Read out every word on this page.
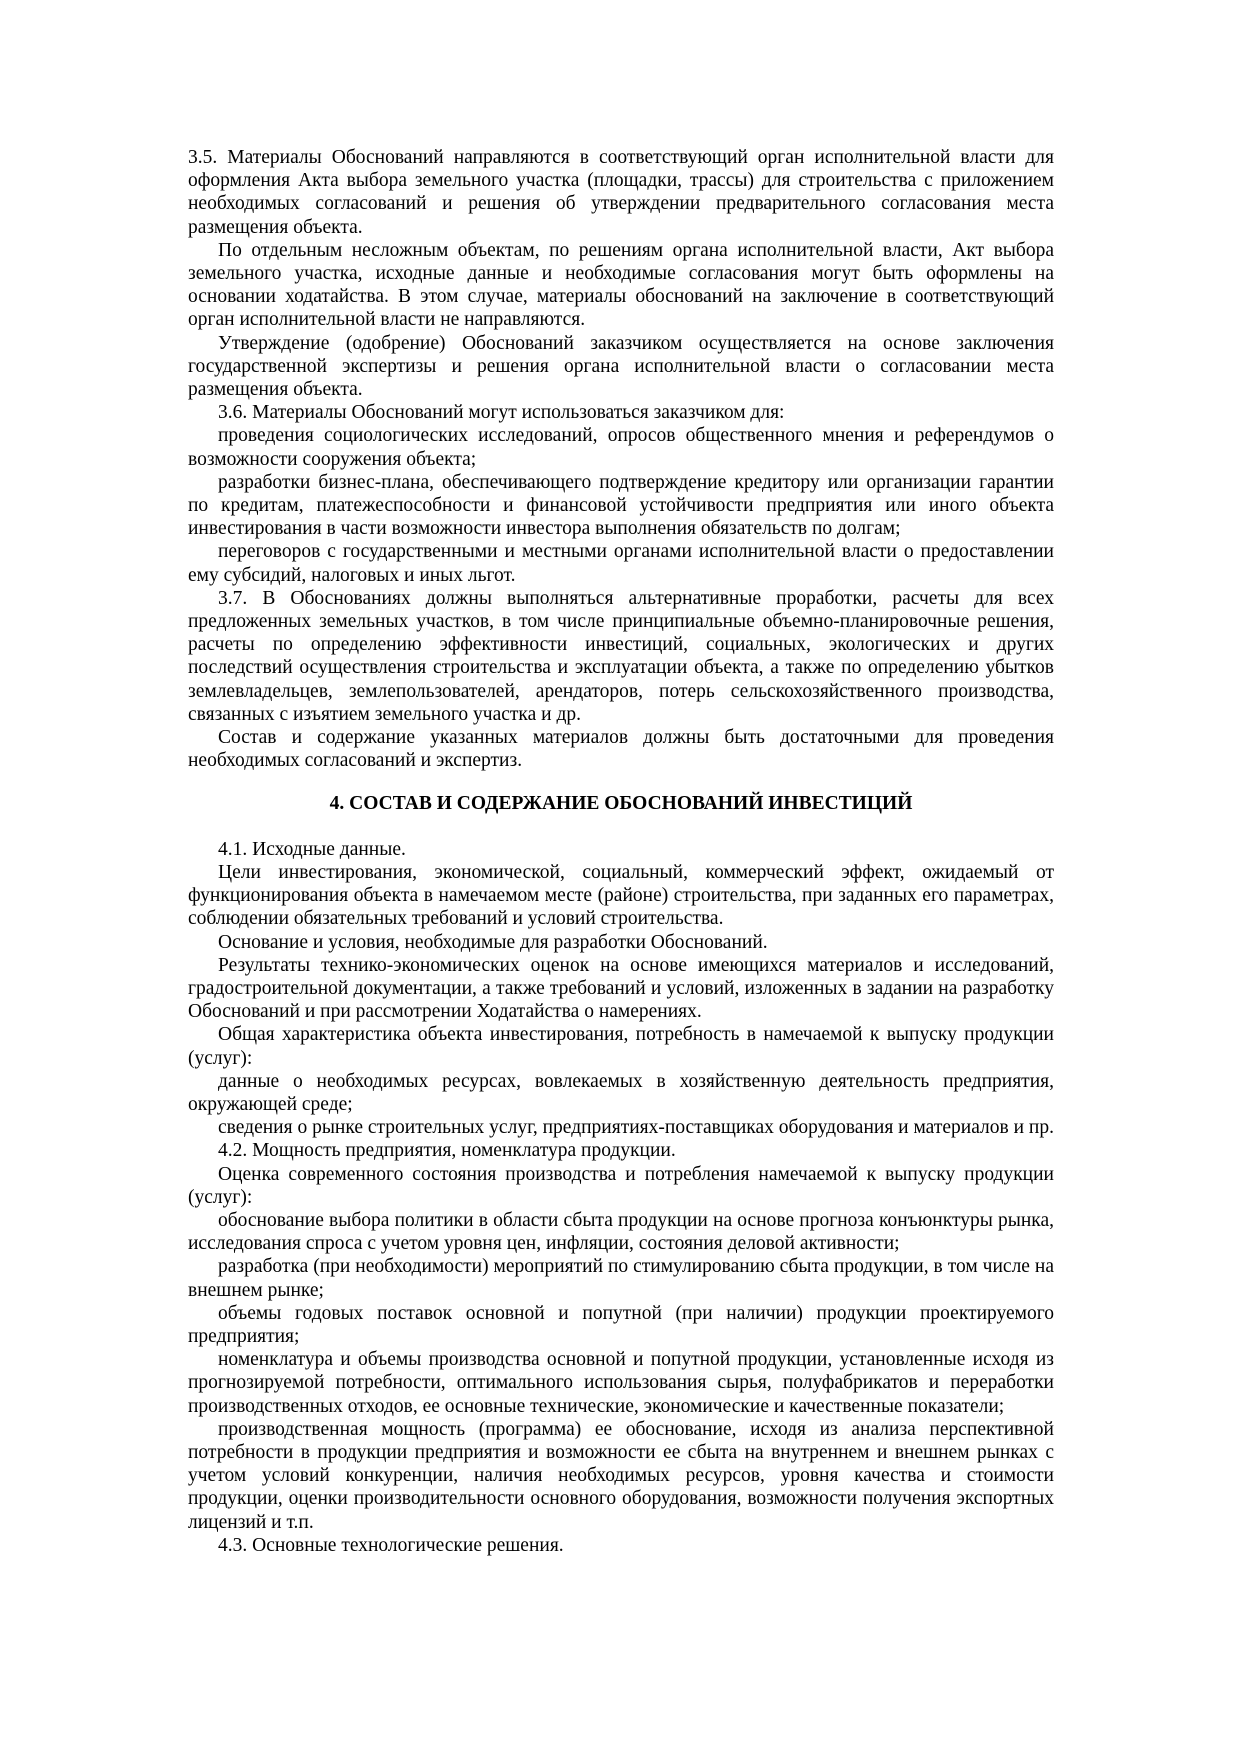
3.5. Материалы Обоснований направляются в соответствующий орган исполнительной власти для оформления Акта выбора земельного участка (площадки, трассы) для строительства с приложением необходимых согласований и решения об утверждении предварительного согласования места размещения объекта.

По отдельным несложным объектам, по решениям органа исполнительной власти, Акт выбора земельного участка, исходные данные и необходимые согласования могут быть оформлены на основании ходатайства. В этом случае, материалы обоснований на заключение в соответствующий орган исполнительной власти не направляются.

Утверждение (одобрение) Обоснований заказчиком осуществляется на основе заключения государственной экспертизы и решения органа исполнительной власти о согласовании места размещения объекта.

3.6. Материалы Обоснований могут использоваться заказчиком для:

проведения социологических исследований, опросов общественного мнения и референдумов о возможности сооружения объекта;

разработки бизнес-плана, обеспечивающего подтверждение кредитору или организации гарантии по кредитам, платежеспособности и финансовой устойчивости предприятия или иного объекта инвестирования в части возможности инвестора выполнения обязательств по долгам;

переговоров с государственными и местными органами исполнительной власти о предоставлении ему субсидий, налоговых и иных льгот.

3.7. В Обоснованиях должны выполняться альтернативные проработки, расчеты для всех предложенных земельных участков, в том числе принципиальные объемно-планировочные решения, расчеты по определению эффективности инвестиций, социальных, экологических и других последствий осуществления строительства и эксплуатации объекта, а также по определению убытков землевладельцев, землепользователей, арендаторов, потерь сельскохозяйственного производства, связанных с изъятием земельного участка и др.

Состав и содержание указанных материалов должны быть достаточными для проведения необходимых согласований и экспертиз.

4. СОСТАВ И СОДЕРЖАНИЕ ОБОСНОВАНИЙ ИНВЕСТИЦИЙ

4.1. Исходные данные.

Цели инвестирования, экономической, социальный, коммерческий эффект, ожидаемый от функционирования объекта в намечаемом месте (районе) строительства, при заданных его параметрах, соблюдении обязательных требований и условий строительства.

Основание и условия, необходимые для разработки Обоснований.

Результаты технико-экономических оценок на основе имеющихся материалов и исследований, градостроительной документации, а также требований и условий, изложенных в задании на разработку Обоснований и при рассмотрении Ходатайства о намерениях.

Общая характеристика объекта инвестирования, потребность в намечаемой к выпуску продукции (услуг):

данные о необходимых ресурсах, вовлекаемых в хозяйственную деятельность предприятия, окружающей среде;

сведения о рынке строительных услуг, предприятиях-поставщиках оборудования и материалов и пр.

4.2. Мощность предприятия, номенклатура продукции.

Оценка современного состояния производства и потребления намечаемой к выпуску продукции (услуг):

обоснование выбора политики в области сбыта продукции на основе прогноза конъюнктуры рынка, исследования спроса с учетом уровня цен, инфляции, состояния деловой активности;

разработка (при необходимости) мероприятий по стимулированию сбыта продукции, в том числе на внешнем рынке;

объемы годовых поставок основной и попутной (при наличии) продукции проектируемого предприятия;

номенклатура и объемы производства основной и попутной продукции, установленные исходя из прогнозируемой потребности, оптимального использования сырья, полуфабрикатов и переработки производственных отходов, ее основные технические, экономические и качественные показатели;

производственная мощность (программа) ее обоснование, исходя из анализа перспективной потребности в продукции предприятия и возможности ее сбыта на внутреннем и внешнем рынках с учетом условий конкуренции, наличия необходимых ресурсов, уровня качества и стоимости продукции, оценки производительности основного оборудования, возможности получения экспортных лицензий и т.п.

4.3. Основные технологические решения.
